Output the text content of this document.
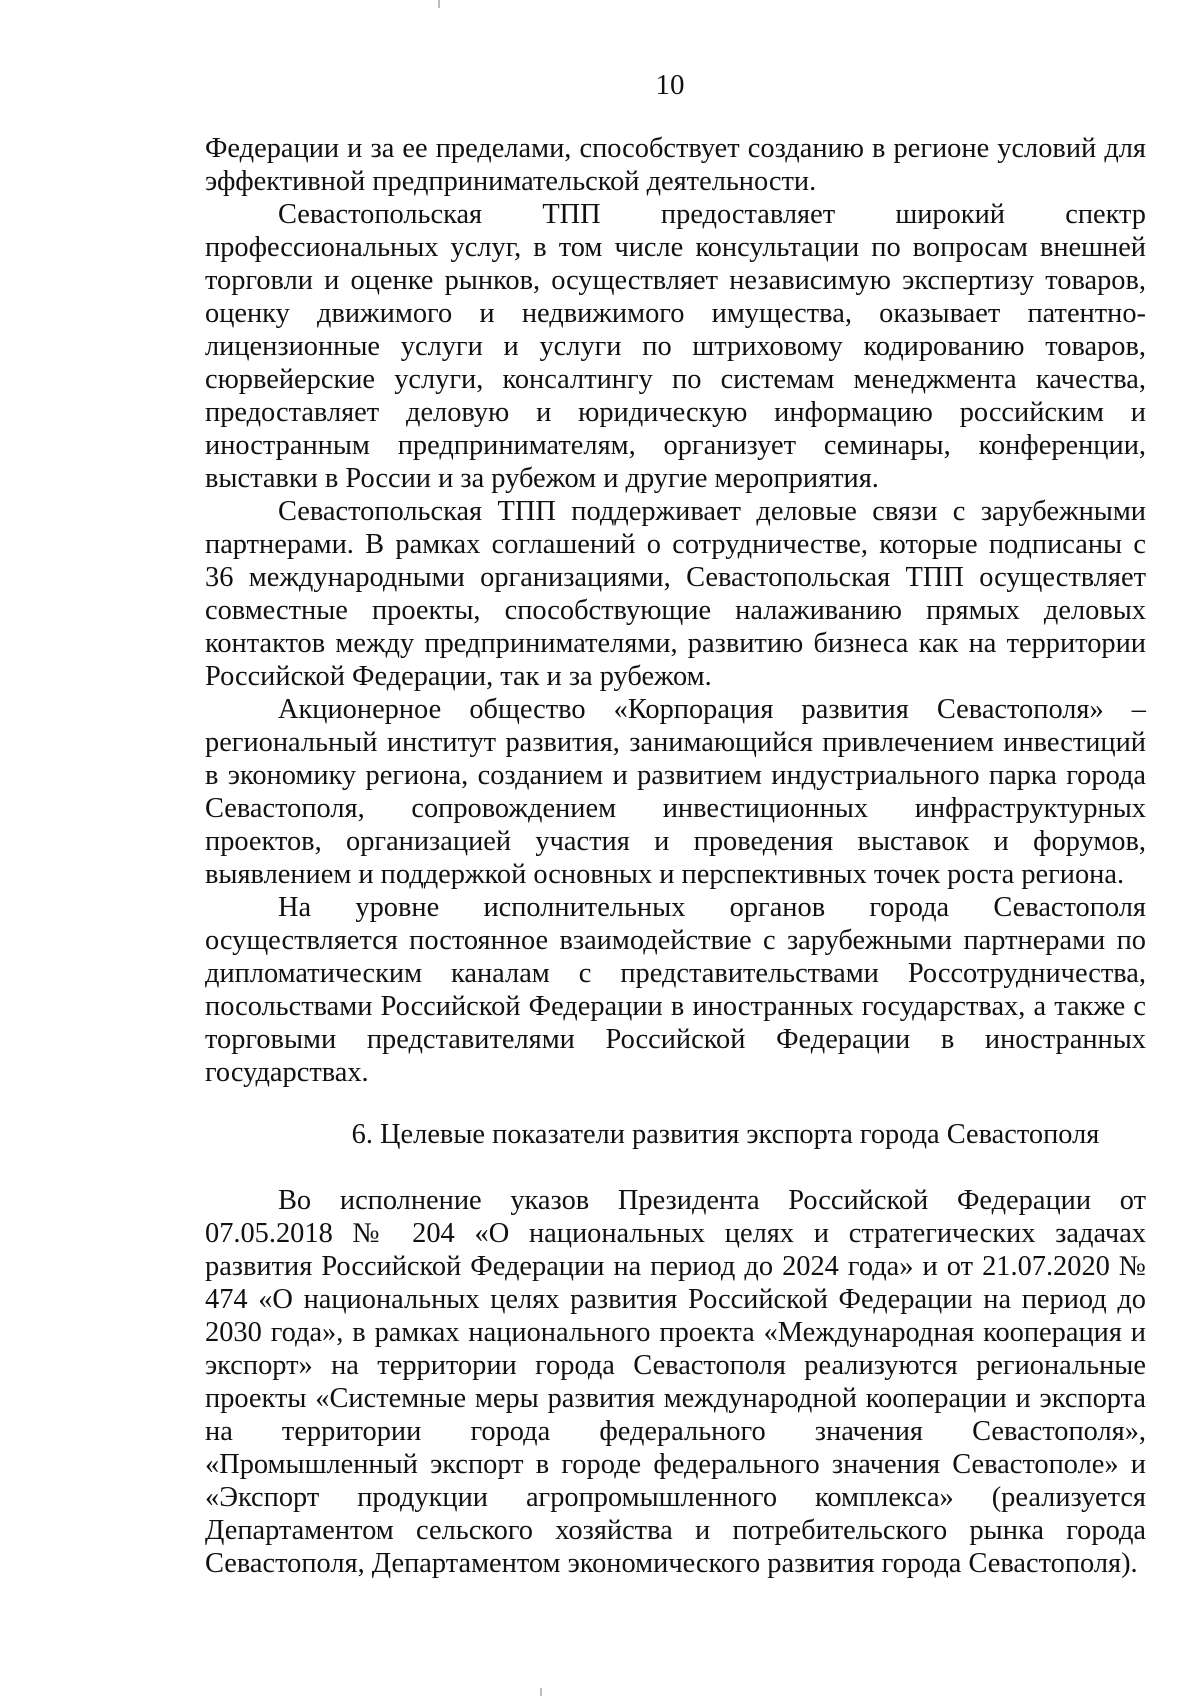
10

Федерации и за ее пределами, способствует созданию в регионе условий для эффективной предпринимательской деятельности.

Севастопольская ТПП предоставляет широкий спектр профессиональных услуг, в том числе консультации по вопросам внешней торговли и оценке рынков, осуществляет независимую экспертизу товаров, оценку движимого и недвижимого имущества, оказывает патентно-лицензионные услуги и услуги по штриховому кодированию товаров, сюрвейерские услуги, консалтингу по системам менеджмента качества, предоставляет деловую и юридическую информацию российским и иностранным предпринимателям, организует семинары, конференции, выставки в России и за рубежом и другие мероприятия.

Севастопольская ТПП поддерживает деловые связи с зарубежными партнерами. В рамках соглашений о сотрудничестве, которые подписаны с 36 международными организациями, Севастопольская ТПП осуществляет совместные проекты, способствующие налаживанию прямых деловых контактов между предпринимателями, развитию бизнеса как на территории Российской Федерации, так и за рубежом.

Акционерное общество «Корпорация развития Севастополя» – региональный институт развития, занимающийся привлечением инвестиций в экономику региона, созданием и развитием индустриального парка города Севастополя, сопровождением инвестиционных инфраструктурных проектов, организацией участия и проведения выставок и форумов, выявлением и поддержкой основных и перспективных точек роста региона.

На уровне исполнительных органов города Севастополя осуществляется постоянное взаимодействие с зарубежными партнерами по дипломатическим каналам с представительствами Россотрудничества, посольствами Российской Федерации в иностранных государствах, а также с торговыми представителями Российской Федерации в иностранных государствах.

6. Целевые показатели развития экспорта города Севастополя

Во исполнение указов Президента Российской Федерации от 07.05.2018 № 204 «О национальных целях и стратегических задачах развития Российской Федерации на период до 2024 года» и от 21.07.2020 № 474 «О национальных целях развития Российской Федерации на период до 2030 года», в рамках национального проекта «Международная кооперация и экспорт» на территории города Севастополя реализуются региональные проекты «Системные меры развития международной кооперации и экспорта на территории города федерального значения Севастополя», «Промышленный экспорт в городе федерального значения Севастополе» и «Экспорт продукции агропромышленного комплекса» (реализуется Департаментом сельского хозяйства и потребительского рынка города Севастополя, Департаментом экономического развития города Севастополя).
